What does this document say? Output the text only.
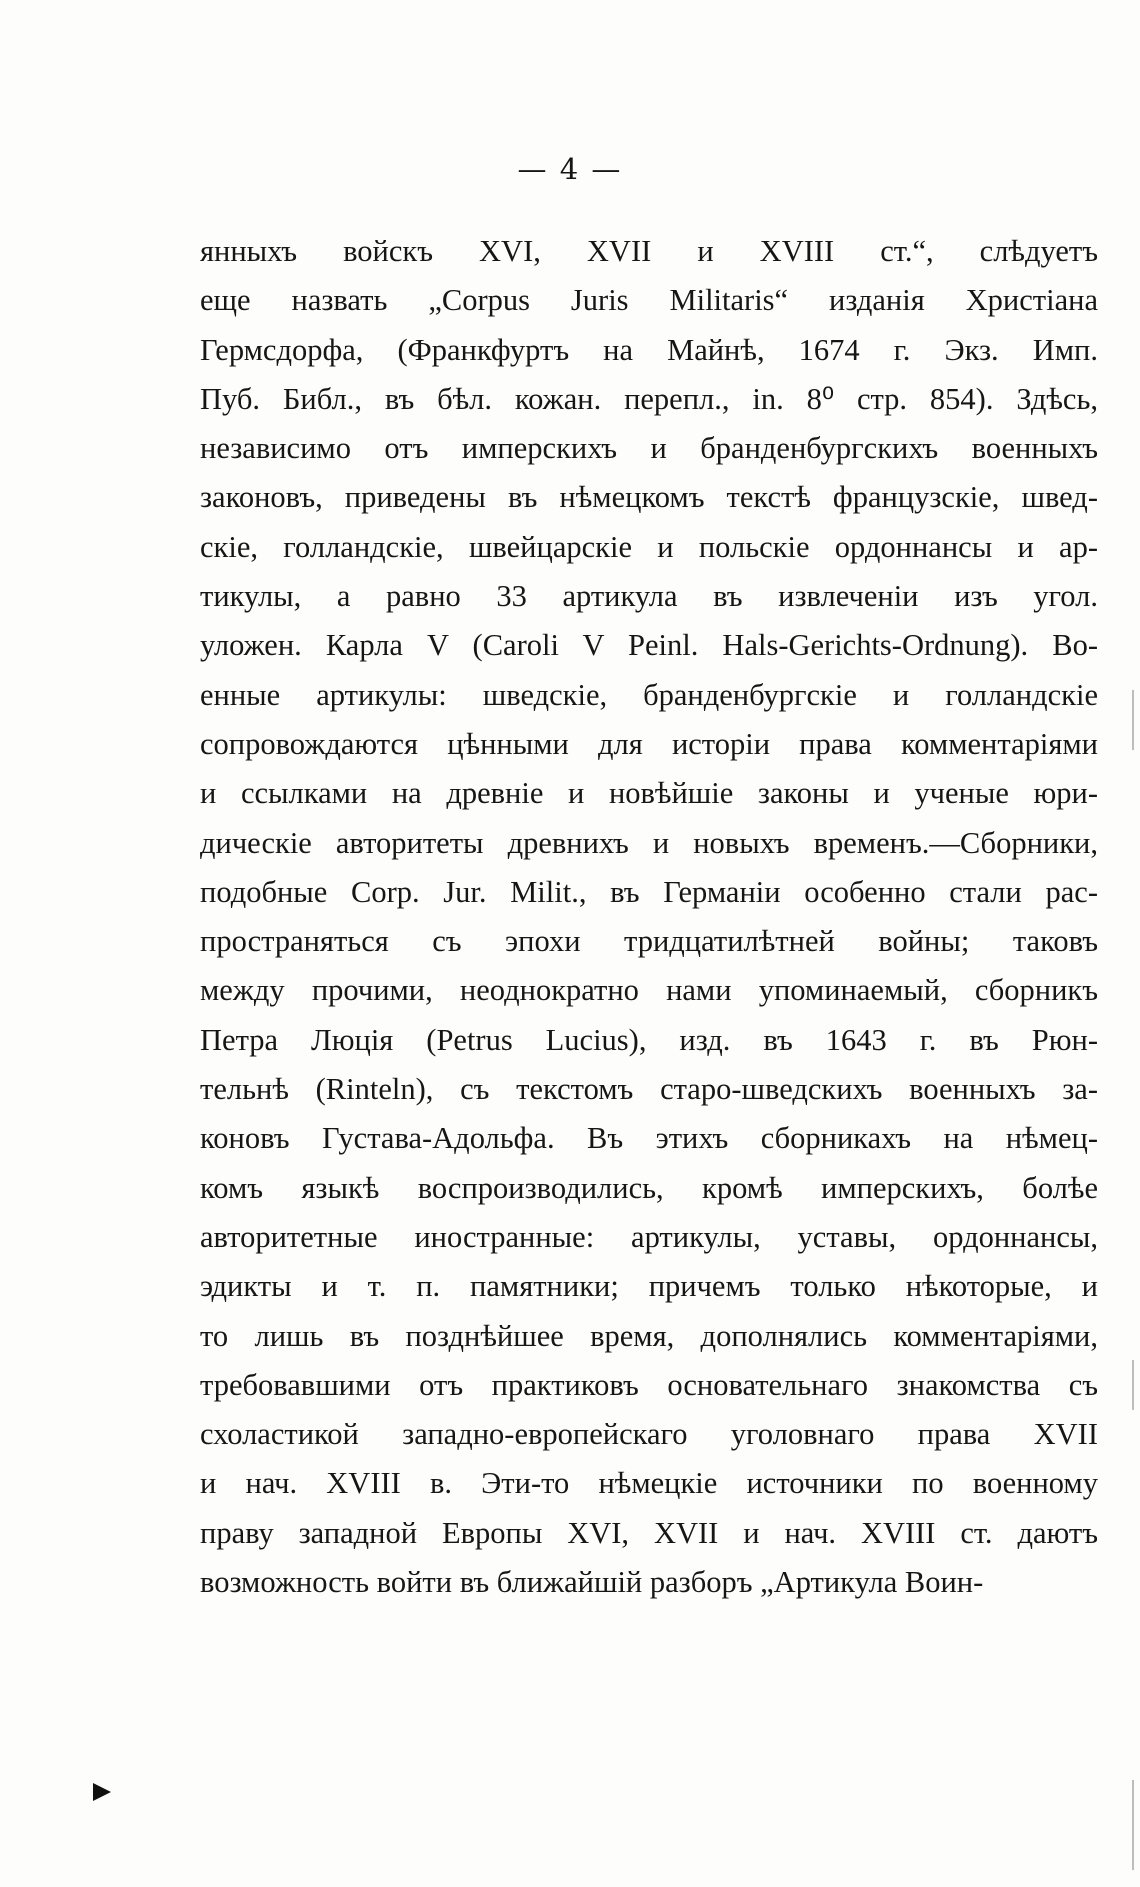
— 4 —
янныхъ войскъ XVI, XVII и XVIII ст.“, слѣдуетъ
еще назвать „Corpus Juris Militaris“ изданія Христіана
Гермсдорфа, (Франкфуртъ на Майнѣ, 1674 г. Экз. Имп.
Пуб. Библ., въ бѣл. кожан. перепл., in. 8⁰ стр. 854). Здѣсь,
независимо отъ имперскихъ и бранденбургскихъ военныхъ
законовъ, приведены въ нѣмецкомъ текстѣ французскіе, швед-
скіе, голландскіе, швейцарскіе и польскіе ордоннансы и ар-
тикулы, а равно 33 артикула въ извлеченіи изъ угол.
уложен. Карла V (Caroli V Peinl. Hals-Gerichts-Ordnung). Во-
енные артикулы: шведскіе, бранденбургскіе и голландскіе
сопровождаются цѣнными для исторіи права комментаріями
и ссылками на древніе и новѣйшіе законы и ученые юри-
дическіе авторитеты древнихъ и новыхъ временъ.—Сборники,
подобные Corp. Jur. Milit., въ Германіи особенно стали рас-
пространяться съ эпохи тридцатилѣтней войны; таковъ
между прочими, неоднократно нами упоминаемый, сборникъ
Петра Люція (Petrus Lucius), изд. въ 1643 г. въ Рюн-
тельнѣ (Rinteln), съ текстомъ старо-шведскихъ военныхъ за-
коновъ Густава-Адольфа. Въ этихъ сборникахъ на нѣмец-
комъ языкѣ воспроизводились, кромѣ имперскихъ, болѣе
авторитетные иностранные: артикулы, уставы, ордоннансы,
эдикты и т. п. памятники; причемъ только нѣкоторые, и
то лишь въ позднѣйшее время, дополнялись комментаріями,
требовавшими отъ практиковъ основательнаго знакомства съ
схоластикой западно-европейскаго уголовнаго права XVII
и нач. XVIII в. Эти-то нѣмецкіе источники по военному
праву западной Европы XVI, XVII и нач. XVIII ст. даютъ
возможность войти въ ближайшій разборъ „Артикула Воин-
